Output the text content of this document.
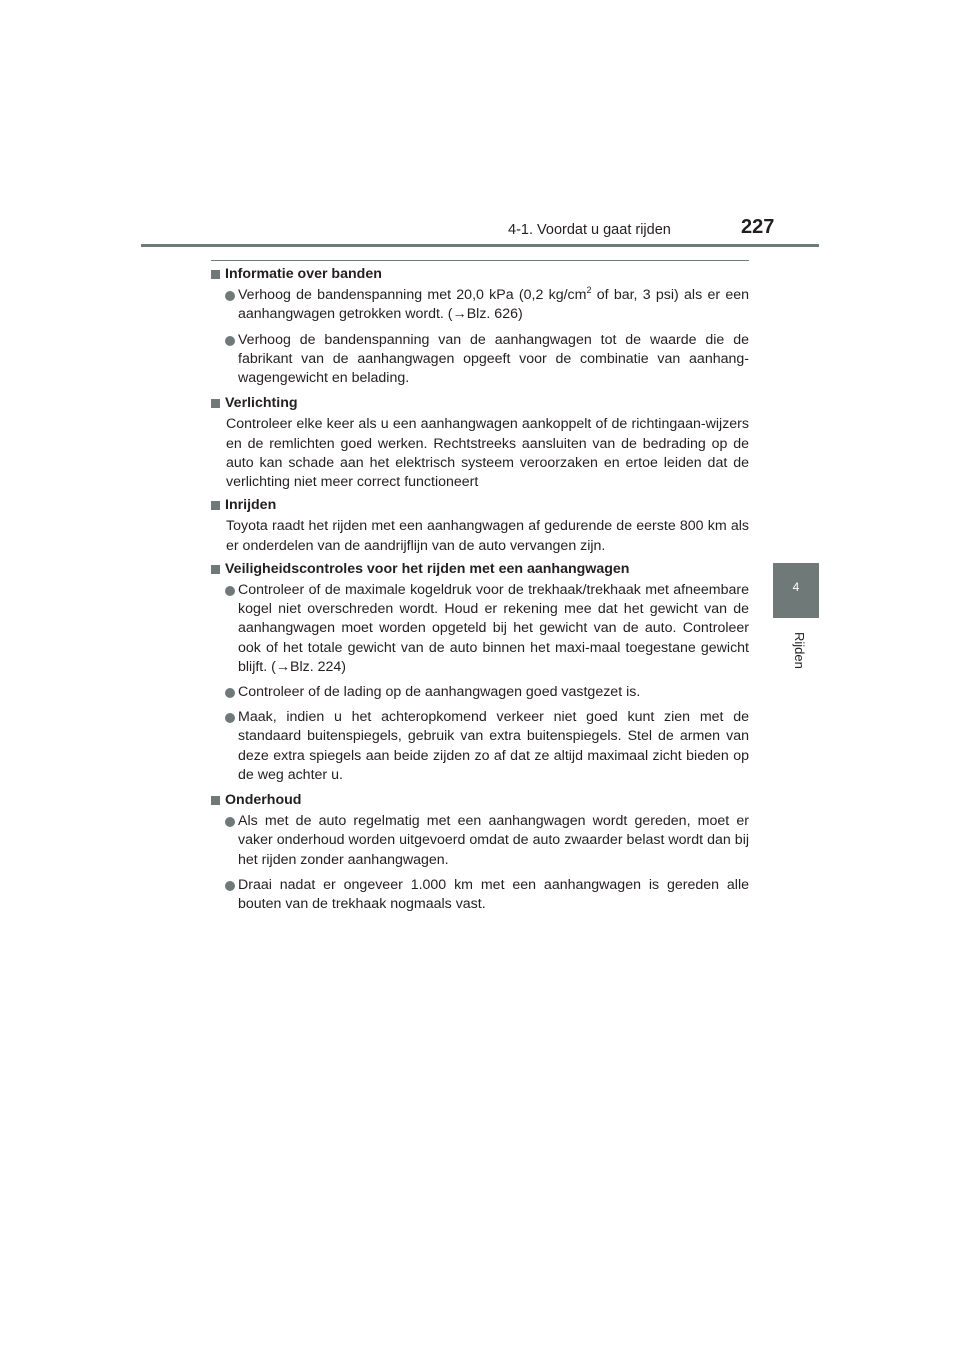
4-1. Voordat u gaat rijden	227
4
Rijden
Informatie over banden
Verhoog de bandenspanning met 20,0 kPa (0,2 $kg/cm^2$ of bar, 3 psi) als er een aanhangwagen getrokken wordt. (→Blz. 626)
Verhoog de bandenspanning van de aanhangwagen tot de waarde die de fabrikant van de aanhangwagen opgeeft voor de combinatie van aanhang-wagengewicht en belading.
Verlichting
Controleer elke keer als u een aanhangwagen aankoppelt of de richtingaan-wijzers en de remlichten goed werken. Rechtstreeks aansluiten van de bedrading op de auto kan schade aan het elektrisch systeem veroorzaken en ertoe leiden dat de verlichting niet meer correct functioneert
Inrijden
Toyota raadt het rijden met een aanhangwagen af gedurende de eerste 800 km als er onderdelen van de aandrijflijn van de auto vervangen zijn.
Veiligheidscontroles voor het rijden met een aanhangwagen
Controleer of de maximale kogeldruk voor de trekhaak/trekhaak met afneembare kogel niet overschreden wordt. Houd er rekening mee dat het gewicht van de aanhangwagen moet worden opgeteld bij het gewicht van de auto. Controleer ook of het totale gewicht van de auto binnen het maxi-maal toegestane gewicht blijft. (→Blz. 224)
Controleer of de lading op de aanhangwagen goed vastgezet is.
Maak, indien u het achteropkomend verkeer niet goed kunt zien met de standaard buitenspiegels, gebruik van extra buitenspiegels. Stel de armen van deze extra spiegels aan beide zijden zo af dat ze altijd maximaal zicht bieden op de weg achter u.
Onderhoud
Als met de auto regelmatig met een aanhangwagen wordt gereden, moet er vaker onderhoud worden uitgevoerd omdat de auto zwaarder belast wordt dan bij het rijden zonder aanhangwagen.
Draai nadat er ongeveer 1.000 km met een aanhangwagen is gereden alle bouten van de trekhaak nogmaals vast.
